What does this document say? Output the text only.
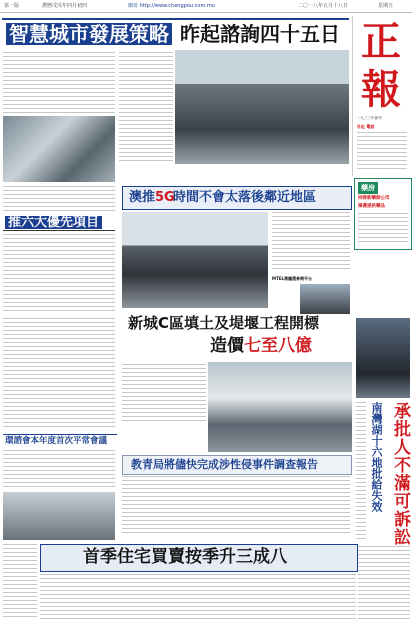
第一版	農曆戊戌年四月初四	網址 http://www.chengpou.com.mo	二〇一八年五月十八日	星期五
智慧城市發展策略 昨起諮詢四十五日 正
報
一九三三年創刊
社址 電話
藥房
持牌新藥師公司
擇優提供藥品
推六大優先項目
澳推 5G
時間不會太落後鄰近地區
MTEL澳議選參開平台
新城C區填土及堤堰工程開標
造價七至八億
承批人不滿可訴訟
南灣湖十六地批給失效
環諮會本年度首次平常會議
教青局將儘快完成涉性侵事件調查報告
首季住宅買賣按季升三成八
